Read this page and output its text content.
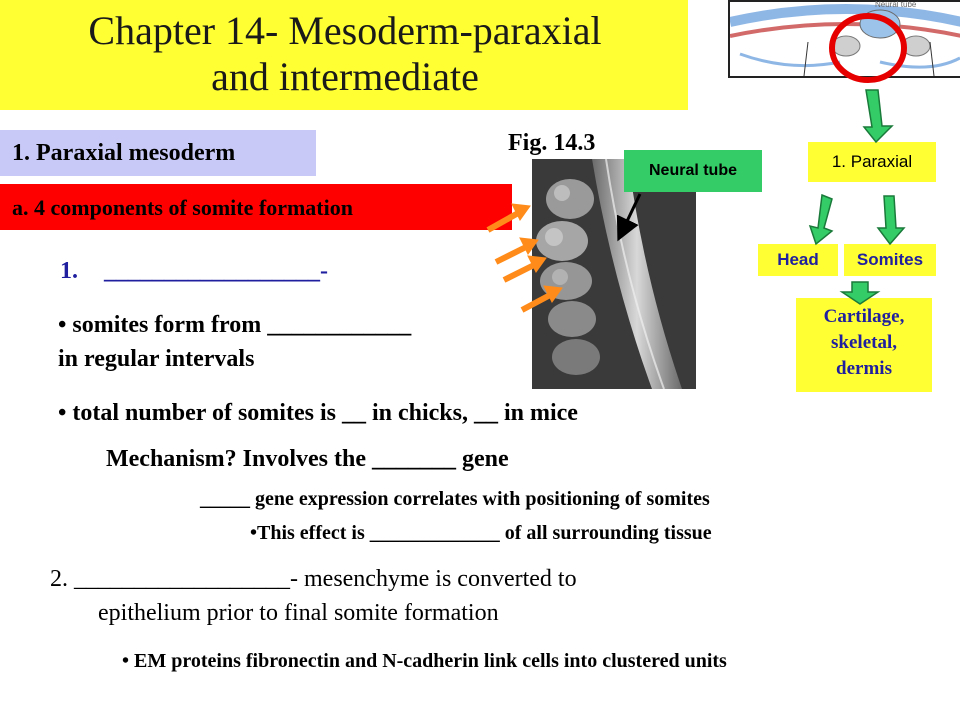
Chapter 14- Mesoderm-paraxial
and intermediate
1. Paraxial mesoderm
a. 4 components of somite formation
Fig. 14.3
Neural tube
1. __________________-
• somites form from ____________
in regular intervals
• total number of somites is __ in chicks, __ in mice
Mechanism? Involves the _______ gene
_____ gene expression correlates with positioning of somites
•This effect is _____________ of all surrounding tissue
2. __________________- mesenchyme is converted to
epithelium prior to final somite formation
• EM proteins fibronectin and N-cadherin link cells into clustered units
Neural tube
1. Paraxial
Head	Somites
Cartilage,
skeletal,
dermis
